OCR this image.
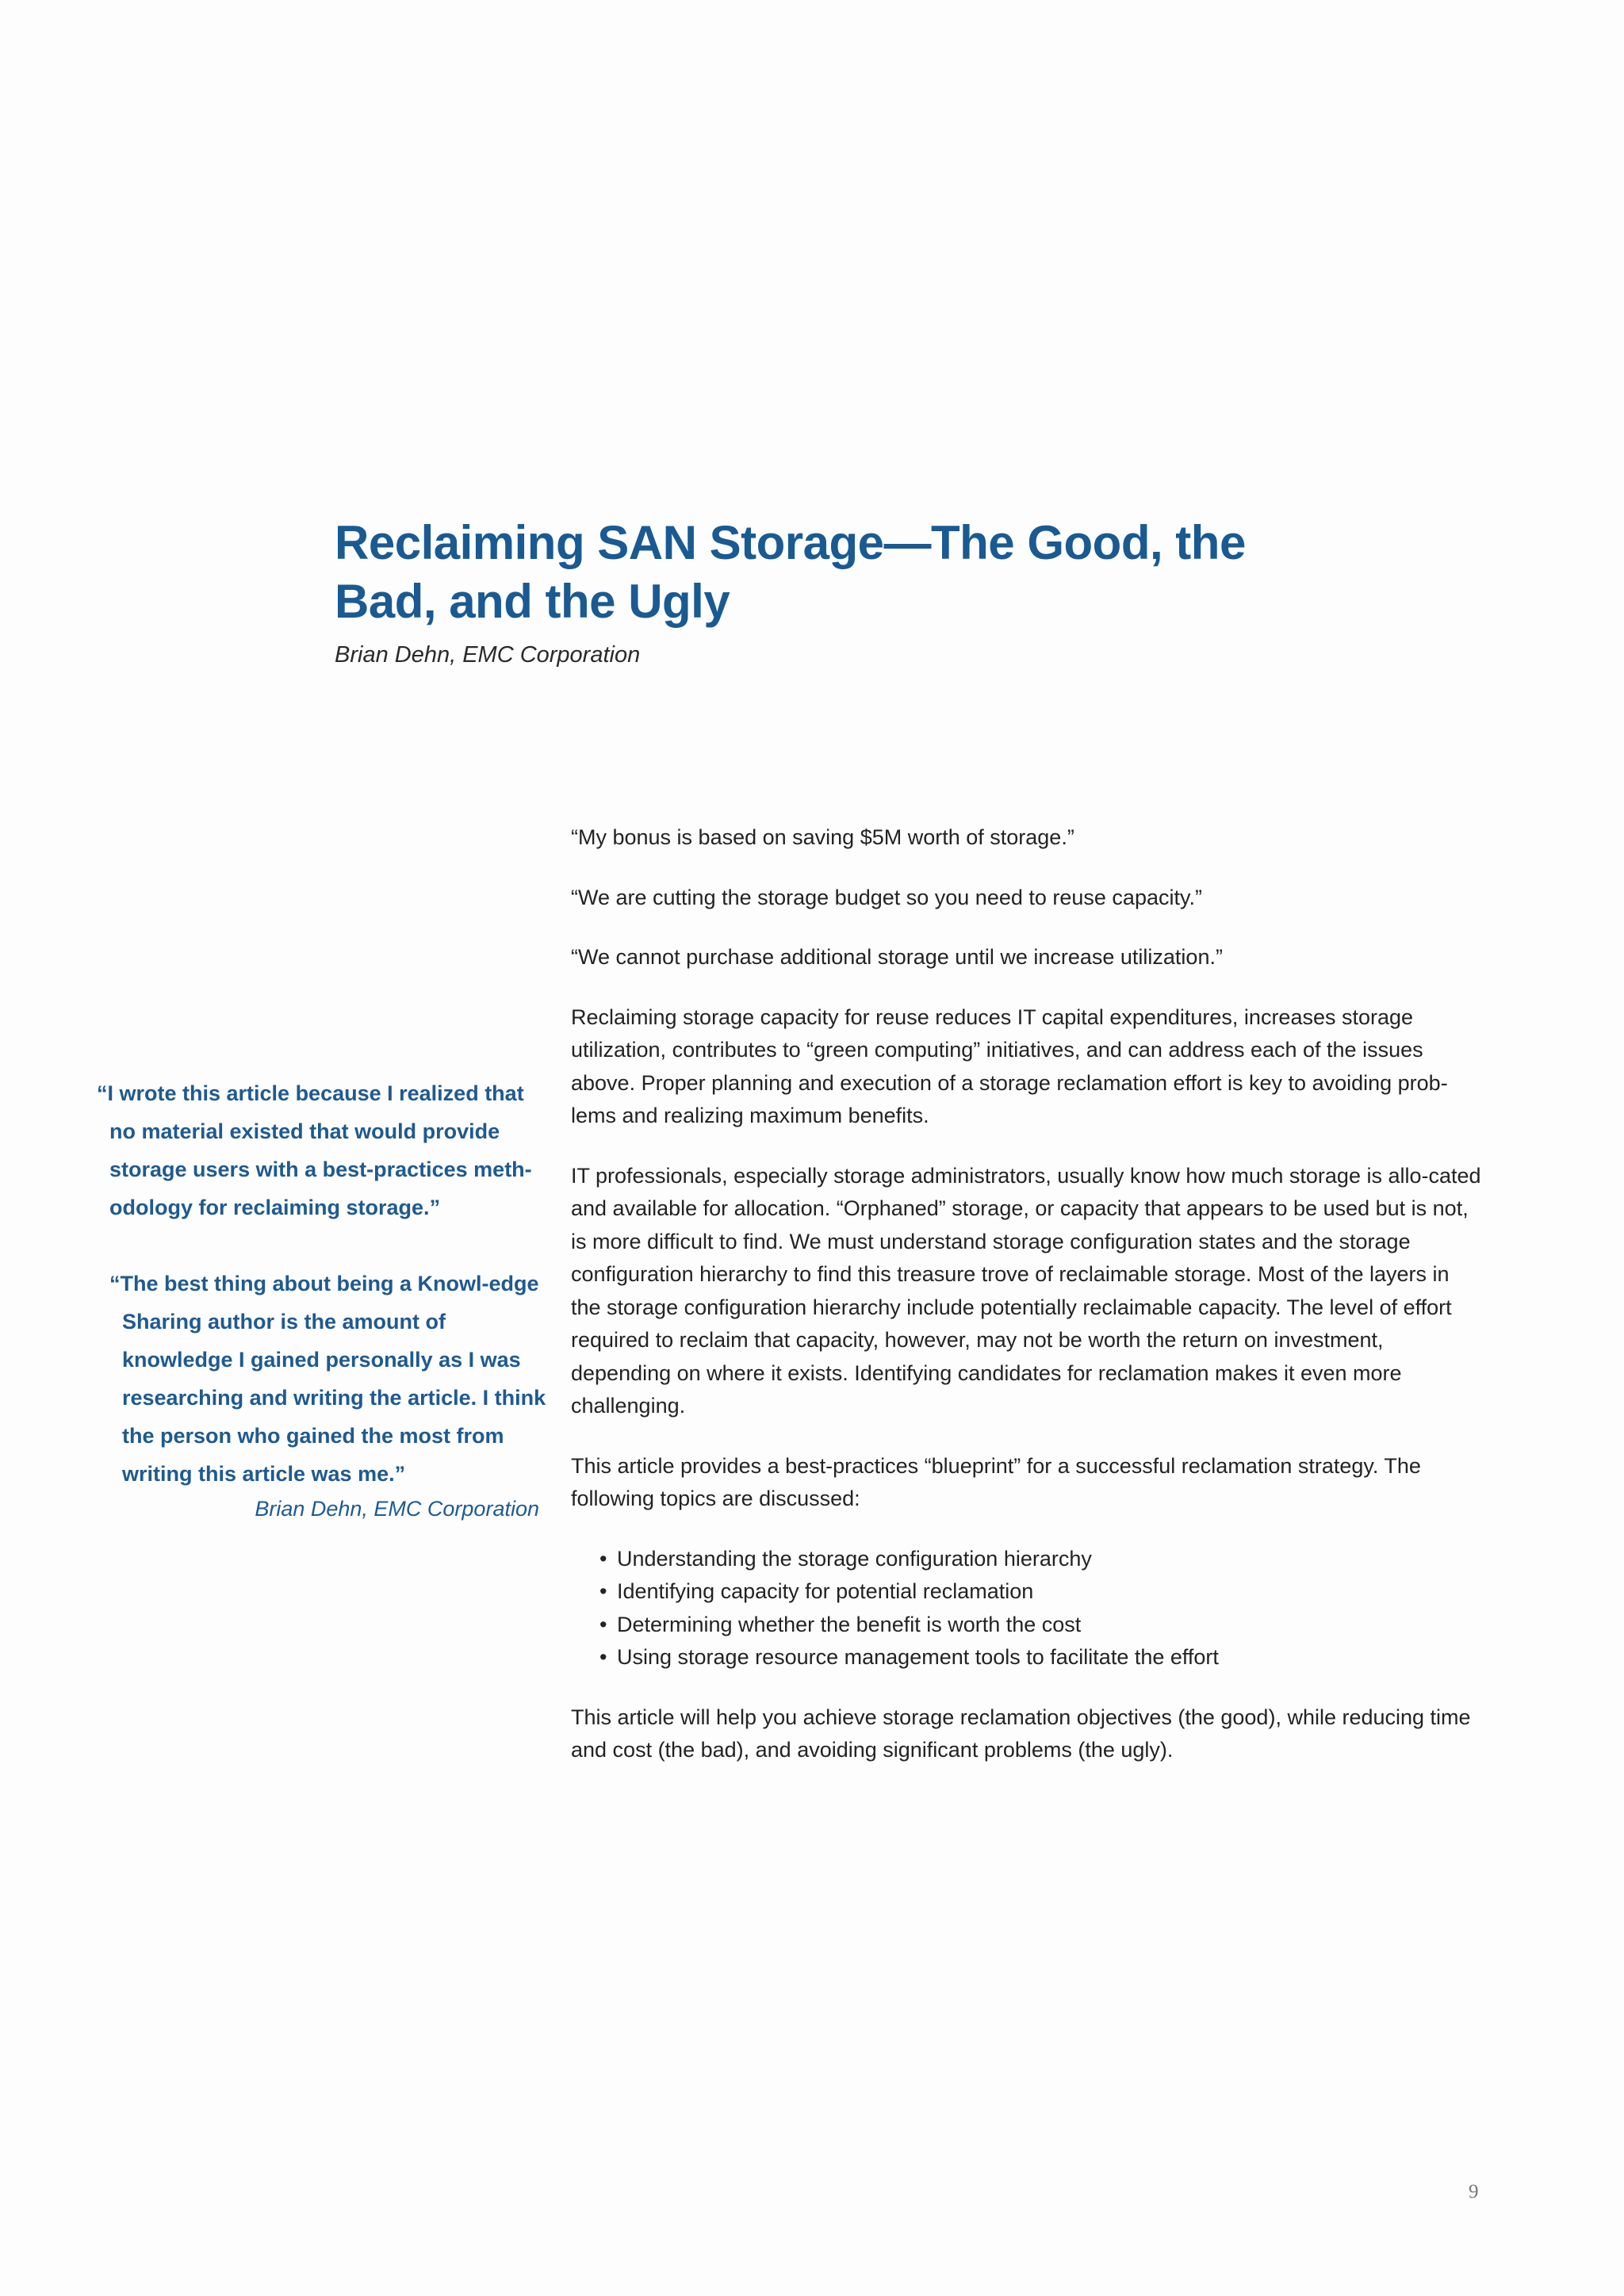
Reclaiming SAN Storage—The Good, the
Bad, and the Ugly
Brian Dehn, EMC Corporation

“I wrote this article because I realized that no material existed that would provide storage users with a best-practices meth-odology for reclaiming storage.”

“The best thing about being a Knowl-edge Sharing author is the amount of knowledge I gained personally as I was researching and writing the article. I think the person who gained the most from writing this article was me.”

Brian Dehn, EMC Corporation

“My bonus is based on saving $5M worth of storage.”

“We are cutting the storage budget so you need to reuse capacity.”

“We cannot purchase additional storage until we increase utilization.”

Reclaiming storage capacity for reuse reduces IT capital expenditures, increases storage utilization, contributes to “green computing” initiatives, and can address each of the issues above. Proper planning and execution of a storage reclamation effort is key to avoiding prob-lems and realizing maximum benefits.

IT professionals, especially storage administrators, usually know how much storage is allo-cated and available for allocation. “Orphaned” storage, or capacity that appears to be used but is not, is more difficult to find. We must understand storage configuration states and the storage configuration hierarchy to find this treasure trove of reclaimable storage. Most of the layers in the storage configuration hierarchy include potentially reclaimable capacity. The level of effort required to reclaim that capacity, however, may not be worth the return on investment, depending on where it exists. Identifying candidates for reclamation makes it even more challenging.

This article provides a best-practices “blueprint” for a successful reclamation strategy. The following topics are discussed:

• Understanding the storage configuration hierarchy
• Identifying capacity for potential reclamation
• Determining whether the benefit is worth the cost
• Using storage resource management tools to facilitate the effort

This article will help you achieve storage reclamation objectives (the good), while reducing time and cost (the bad), and avoiding significant problems (the ugly).

9
